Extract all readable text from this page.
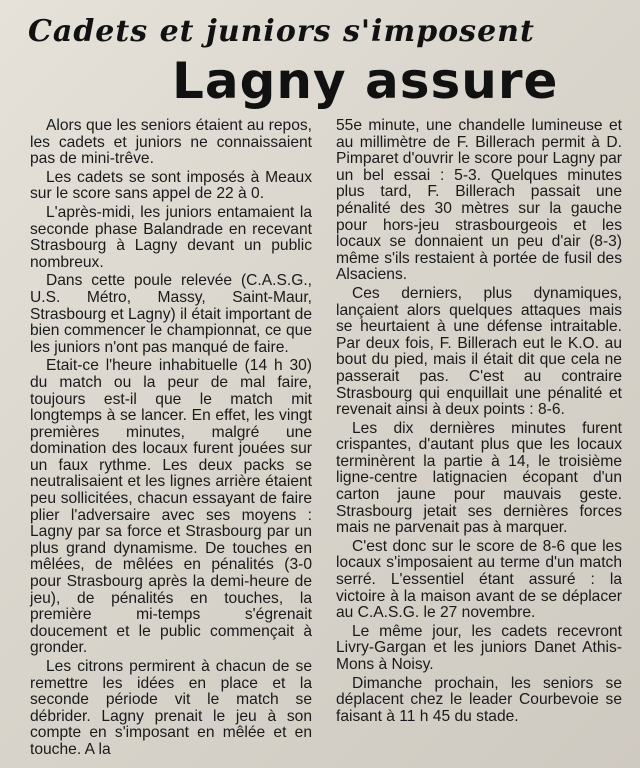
Cadets et juniors s'imposent
Lagny assure

Alors que les seniors étaient au repos, les cadets et juniors ne connaissaient pas de mini-trêve.

Les cadets se sont imposés à Meaux sur le score sans appel de 22 à 0.

L'après-midi, les juniors entamaient la seconde phase Balandrade en recevant Strasbourg à Lagny devant un public nombreux.

Dans cette poule relevée (C.A.S.G., U.S. Métro, Massy, Saint-Maur, Strasbourg et Lagny) il était important de bien commencer le championnat, ce que les juniors n'ont pas manqué de faire.

Etait-ce l'heure inhabituelle (14 h 30) du match ou la peur de mal faire, toujours est-il que le match mit longtemps à se lancer. En effet, les vingt premières minutes, malgré une domination des locaux furent jouées sur un faux rythme. Les deux packs se neutralisaient et les lignes arrière étaient peu sollicitées, chacun essayant de faire plier l'adversaire avec ses moyens : Lagny par sa force et Strasbourg par un plus grand dynamisme. De touches en mêlées, de mêlées en pénalités (3-0 pour Strasbourg après la demi-heure de jeu), de pénalités en touches, la première mi-temps s'égrenait doucement et le public commençait à gronder.

Les citrons permirent à chacun de se remettre les idées en place et la seconde période vit le match se débrider. Lagny prenait le jeu à son compte en s'imposant en mêlée et en touche. A la

55e minute, une chandelle lumineuse et au millimètre de F. Billerach permit à D. Pimparet d'ouvrir le score pour Lagny par un bel essai : 5-3. Quelques minutes plus tard, F. Billerach passait une pénalité des 30 mètres sur la gauche pour hors-jeu strasbourgeois et les locaux se donnaient un peu d'air (8-3) même s'ils restaient à portée de fusil des Alsaciens.

Ces derniers, plus dynamiques, lançaient alors quelques attaques mais se heurtaient à une défense intraitable. Par deux fois, F. Billerach eut le K.O. au bout du pied, mais il était dit que cela ne passerait pas. C'est au contraire Strasbourg qui enquillait une pénalité et revenait ainsi à deux points : 8-6.

Les dix dernières minutes furent crispantes, d'autant plus que les locaux terminèrent la partie à 14, le troisième ligne-centre latignacien écopant d'un carton jaune pour mauvais geste. Strasbourg jetait ses dernières forces mais ne parvenait pas à marquer.

C'est donc sur le score de 8-6 que les locaux s'imposaient au terme d'un match serré. L'essentiel étant assuré : la victoire à la maison avant de se déplacer au C.A.S.G. le 27 novembre.

Le même jour, les cadets recevront Livry-Gargan et les juniors Danet Athis-Mons à Noisy.

Dimanche prochain, les seniors se déplacent chez le leader Courbevoie se faisant à 11 h 45 du stade.
